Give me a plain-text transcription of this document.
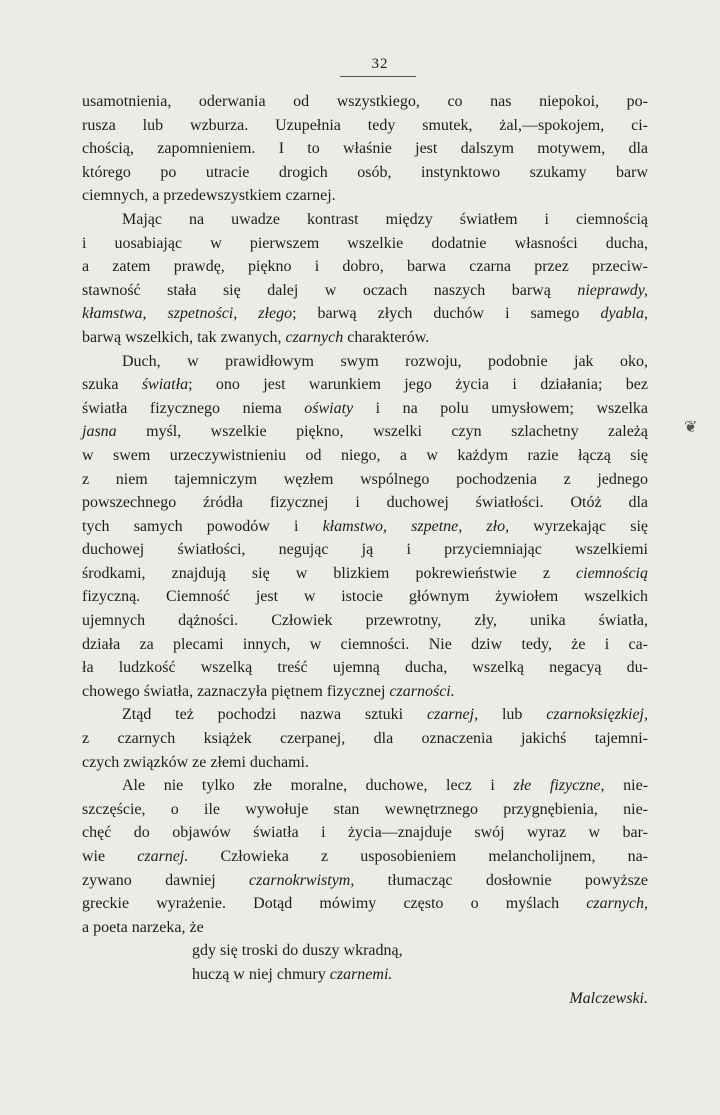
32
❦
usamotnienia, oderwania od wszystkiego, co nas niepokoi, po-
rusza lub wzburza. Uzupełnia tedy smutek, żal,—spokojem, ci-
chością, zapomnieniem. I to właśnie jest dalszym motywem, dla
którego po utracie drogich osób, instynktowo szukamy barw
ciemnych, a przedewszystkiem czarnej.
Mając na uwadze kontrast między światłem i ciemnością
i uosabiając w pierwszem wszelkie dodatnie własności ducha,
a zatem prawdę, piękno i dobro, barwa czarna przez przeciw-
stawność stała się dalej w oczach naszych barwą nieprawdy,
kłamstwa, szpetności, złego; barwą złych duchów i samego dyabla,
barwą wszelkich, tak zwanych, czarnych charakterów.
Duch, w prawidłowym swym rozwoju, podobnie jak oko,
szuka światła; ono jest warunkiem jego życia i działania; bez
światła fizycznego niema oświaty i na polu umysłowem; wszelka
jasna myśl, wszelkie piękno, wszelki czyn szlachetny zależą
w swem urzeczywistnieniu od niego, a w każdym razie łączą się
z niem tajemniczym węzłem wspólnego pochodzenia z jednego
powszechnego źródła fizycznej i duchowej światłości. Otóż dla
tych samych powodów i kłamstwo, szpetne, zło, wyrzekając się
duchowej światłości, negując ją i przyciemniając wszelkiemi
środkami, znajdują się w blizkiem pokrewieństwie z ciemnością
fizyczną. Ciemność jest w istocie głównym żywiołem wszelkich
ujemnych dążności. Człowiek przewrotny, zły, unika światła,
działa za plecami innych, w ciemności. Nie dziw tedy, że i ca-
ła ludzkość wszelką treść ujemną ducha, wszelką negacyą du-
chowego światła, zaznaczyła piętnem fizycznej czarności.
Ztąd też pochodzi nazwa sztuki czarnej, lub czarnoksięzkiej,
z czarnych książek czerpanej, dla oznaczenia jakichś tajemni-
czych związków ze złemi duchami.
Ale nie tylko złe moralne, duchowe, lecz i złe fizyczne, nie-
szczęście, o ile wywołuje stan wewnętrznego przygnębienia, nie-
chęć do objawów światła i życia—znajduje swój wyraz w bar-
wie czarnej. Człowieka z usposobieniem melancholijnem, na-
zywano dawniej czarnokrwistym, tłumacząc dosłownie powyższe
greckie wyrażenie. Dotąd mówimy często o myślach czarnych,
a poeta narzeka, że
gdy się troski do duszy wkradną,
huczą w niej chmury czarnemi.
Malczewski.
